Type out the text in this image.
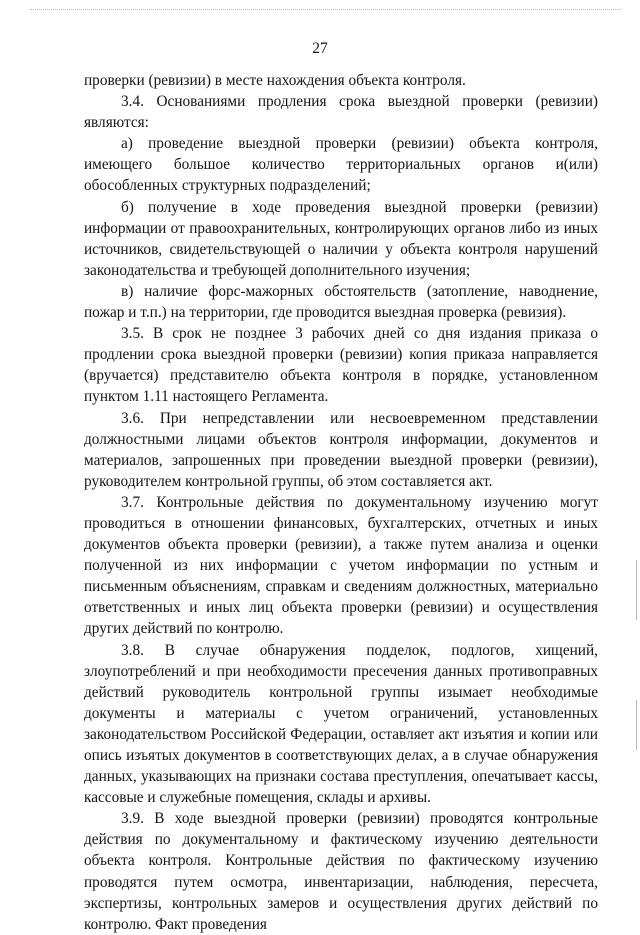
27

проверки (ревизии) в месте нахождения объекта контроля.

3.4. Основаниями продления срока выездной проверки (ревизии) являются:

а) проведение выездной проверки (ревизии) объекта контроля, имеющего большое количество территориальных органов и(или) обособленных структурных подразделений;

б) получение в ходе проведения выездной проверки (ревизии) информации от правоохранительных, контролирующих органов либо из иных источников, свидетельствующей о наличии у объекта контроля нарушений законодательства и требующей дополнительного изучения;

в) наличие форс-мажорных обстоятельств (затопление, наводнение, пожар и т.п.) на территории, где проводится выездная проверка (ревизия).

3.5. В срок не позднее 3 рабочих дней со дня издания приказа о продлении срока выездной проверки (ревизии) копия приказа направляется (вручается) представителю объекта контроля в порядке, установленном пунктом 1.11 настоящего Регламента.

3.6. При непредставлении или несвоевременном представлении должностными лицами объектов контроля информации, документов и материалов, запрошенных при проведении выездной проверки (ревизии), руководителем контрольной группы, об этом составляется акт.

3.7. Контрольные действия по документальному изучению могут проводиться в отношении финансовых, бухгалтерских, отчетных и иных документов объекта проверки (ревизии), а также путем анализа и оценки полученной из них информации с учетом информации по устным и письменным объяснениям, справкам и сведениям должностных, материально ответственных и иных лиц объекта проверки (ревизии) и осуществления других действий по контролю.

3.8. В случае обнаружения подделок, подлогов, хищений, злоупотреблений и при необходимости пресечения данных противоправных действий руководитель контрольной группы изымает необходимые документы и материалы с учетом ограничений, установленных законодательством Российской Федерации, оставляет акт изъятия и копии или опись изъятых документов в соответствующих делах, а в случае обнаружения данных, указывающих на признаки состава преступления, опечатывает кассы, кассовые и служебные помещения, склады и архивы.

3.9. В ходе выездной проверки (ревизии) проводятся контрольные действия по документальному и фактическому изучению деятельности объекта контроля. Контрольные действия по фактическому изучению проводятся путем осмотра, инвентаризации, наблюдения, пересчета, экспертизы, контрольных замеров и осуществления других действий по контролю. Факт проведения
